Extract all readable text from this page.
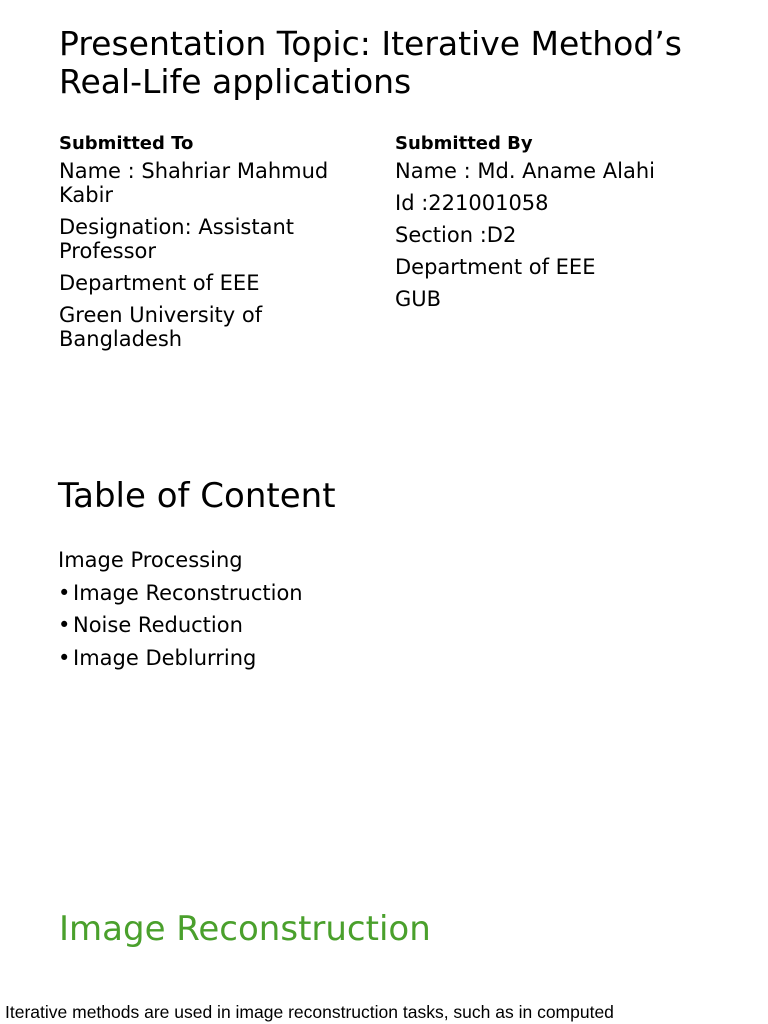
Presentation Topic: Iterative Method’s Real-Life applications
Submitted To
Name : Shahriar Mahmud Kabir
Designation: Assistant Professor
Department of EEE
Green University of Bangladesh
Submitted By
Name : Md. Aname Alahi
Id :221001058
Section :D2
Department of EEE
GUB
Table of Content
Image Processing
• Image Reconstruction
• Noise Reduction
• Image Deblurring
Image Reconstruction

Iterative methods are used in image reconstruction tasks, such as in computed
